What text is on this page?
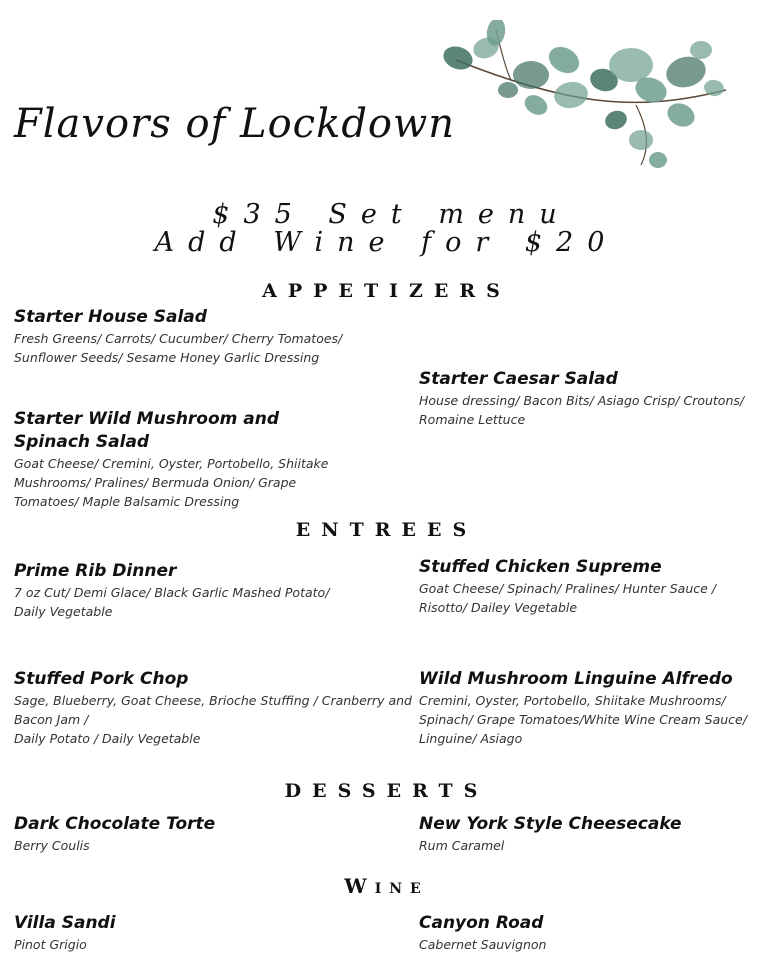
Flavors of Lockdown
$35 Set menu
Add Wine for $20
APPETIZERS
Starter House Salad
Fresh Greens/ Carrots/ Cucumber/ Cherry Tomatoes/
Sunflower Seeds/ Sesame Honey Garlic Dressing
Starter Caesar Salad
House dressing/ Bacon Bits/ Asiago Crisp/ Croutons/
Romaine Lettuce
Starter Wild Mushroom and Spinach Salad
Goat Cheese/ Cremini, Oyster, Portobello, Shiitake
Mushrooms/ Pralines/ Bermuda Onion/ Grape
Tomatoes/ Maple Balsamic Dressing
ENTREES
Prime Rib Dinner
7 oz Cut/ Demi Glace/ Black Garlic Mashed Potato/
Daily Vegetable
Stuffed Chicken Supreme
Goat Cheese/ Spinach/ Pralines/ Hunter Sauce /
Risotto/ Dailey Vegetable
Stuffed Pork Chop
Sage, Blueberry, Goat Cheese, Brioche Stuffing / Cranberry and
Bacon Jam /
Daily Potato / Daily Vegetable
Wild Mushroom Linguine Alfredo
Cremini, Oyster, Portobello, Shiitake Mushrooms/
Spinach/ Grape Tomatoes/White Wine Cream Sauce/
Linguine/ Asiago
DESSERTS
Dark Chocolate Torte
Berry Coulis
New York Style Cheesecake
Rum Caramel
Wine
Villa Sandi
Pinot Grigio
Canyon Road
Cabernet Sauvignon
